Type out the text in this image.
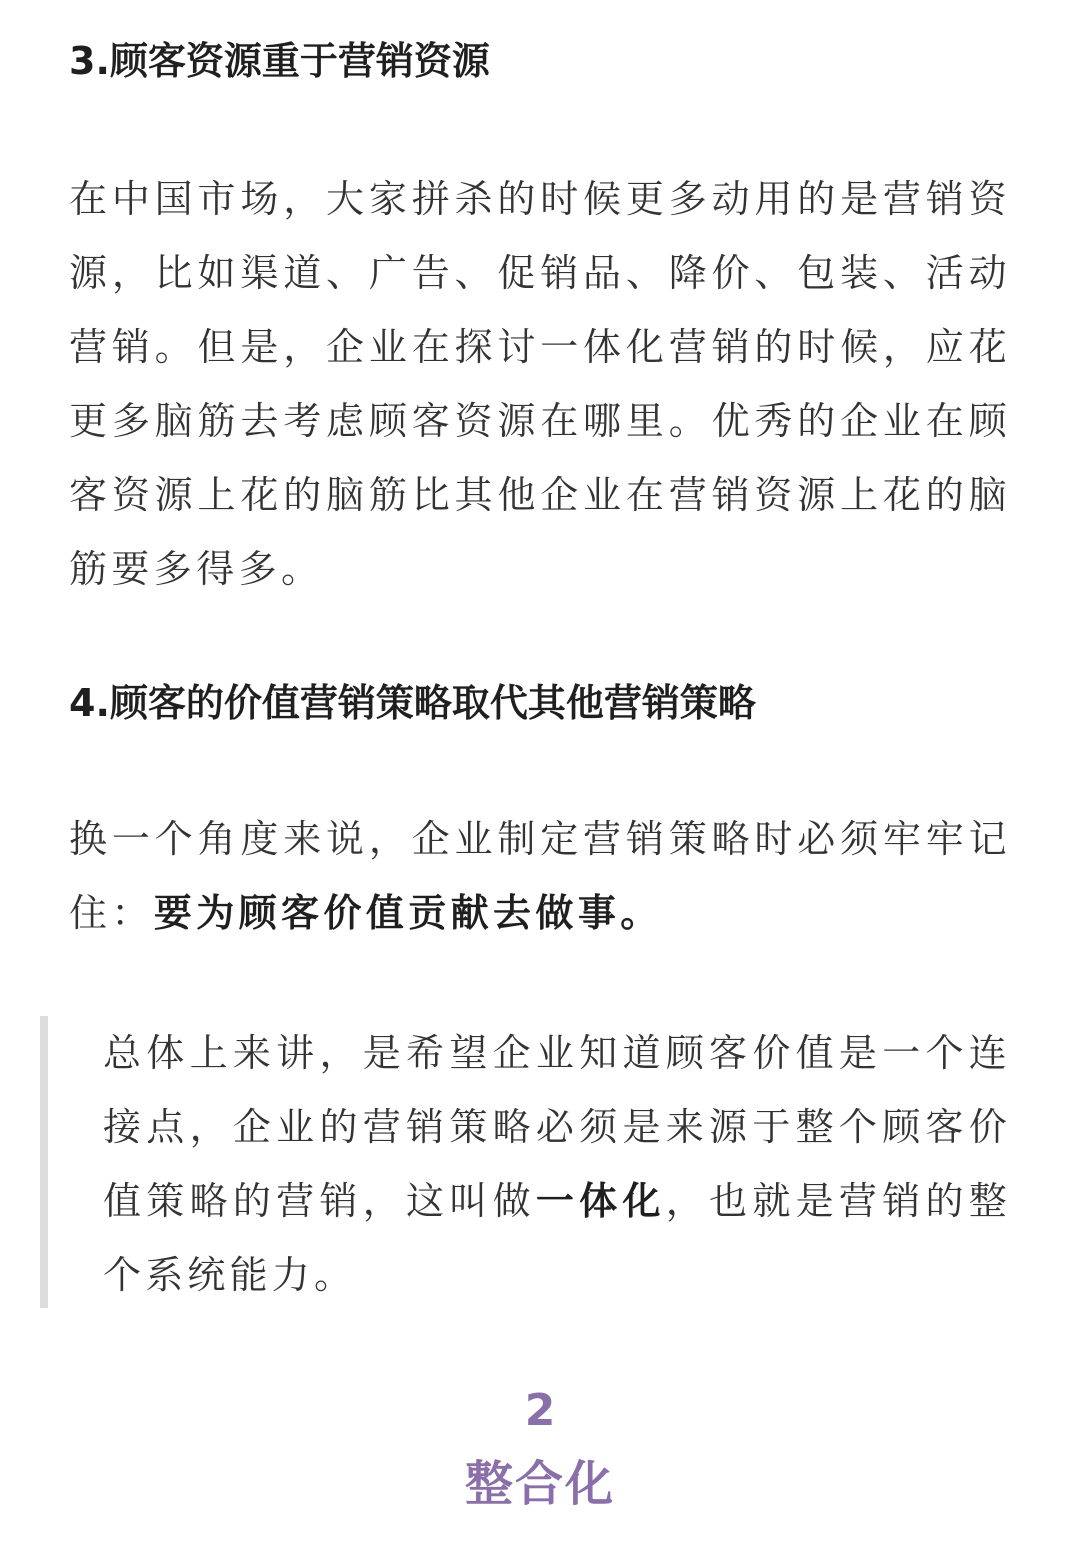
3.顾客资源重于营销资源

在中国市场，大家拼杀的时候更多动用的是营销资源，比如渠道、广告、促销品、降价、包装、活动营销。但是，企业在探讨一体化营销的时候，应花更多脑筋去考虑顾客资源在哪里。优秀的企业在顾客资源上花的脑筋比其他企业在营销资源上花的脑筋要多得多。

4.顾客的价值营销策略取代其他营销策略

换一个角度来说，企业制定营销策略时必须牢牢记住：要为顾客价值贡献去做事。

总体上来讲，是希望企业知道顾客价值是一个连接点，企业的营销策略必须是来源于整个顾客价值策略的营销，这叫做一体化，也就是营销的整个系统能力。

2
整合化
